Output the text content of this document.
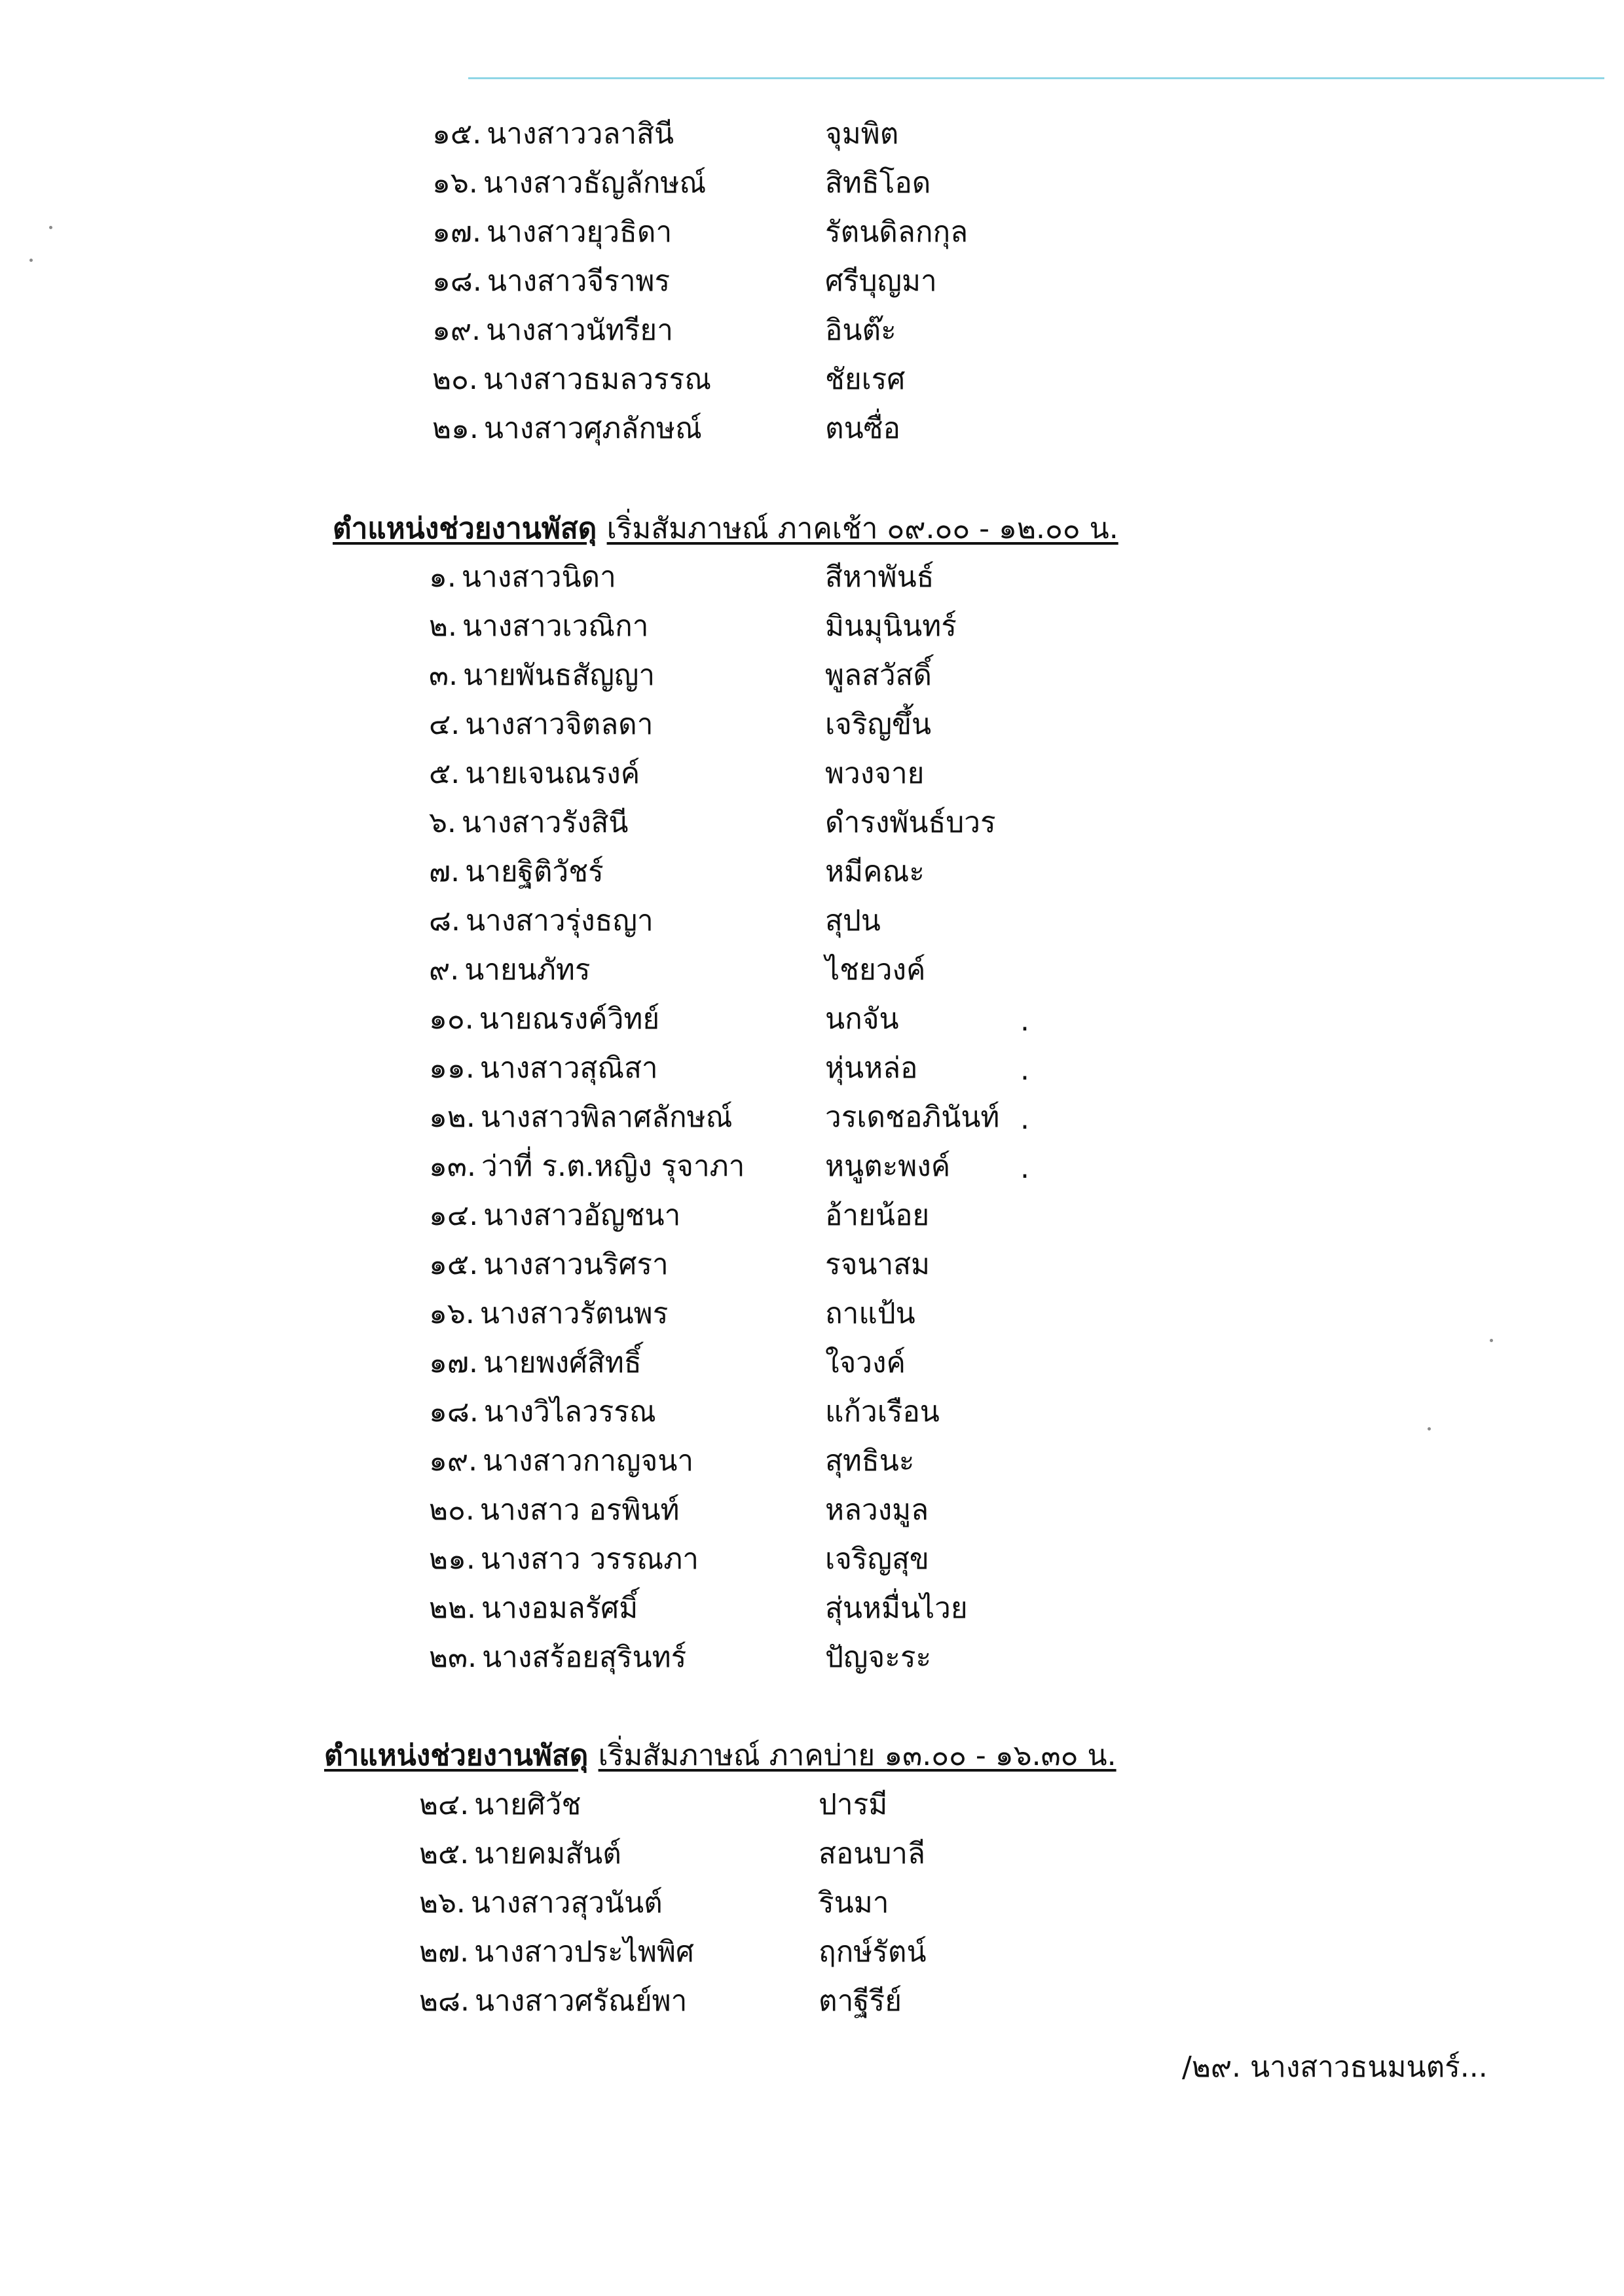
๑๕. นางสาววลาสินี	จุมพิต
๑๖. นางสาวธัญลักษณ์	สิทธิโอด
๑๗. นางสาวยุวธิดา	รัตนดิลกกุล
๑๘. นางสาวจีราพร	ศรีบุญมา
๑๙. นางสาวนัทรียา	อินต๊ะ
๒๐. นางสาวธมลวรรณ	ชัยเรศ
๒๑. นางสาวศุภลักษณ์	ตนซื่อ
ตำแหน่งช่วยงานพัสดุ เริ่มสัมภาษณ์ ภาคเช้า ๐๙.๐๐ - ๑๒.๐๐ น.
๑. นางสาวนิดา	สีหาพันธ์
๒. นางสาวเวณิกา	มินมุนินทร์
๓. นายพันธสัญญา	พูลสวัสดิ์
๔. นางสาวจิตลดา	เจริญขึ้น
๕. นายเจนณรงค์	พวงจาย
๖. นางสาวรังสินี	ดำรงพันธ์บวร
๗. นายฐิติวัชร์	หมีคณะ
๘. นางสาวรุ่งธญา	สุปน
๙. นายนภัทร	ไชยวงค์
๑๐. นายณรงค์วิทย์	นกจัน
๑๑. นางสาวสุณิสา	หุ่นหล่อ
๑๒. นางสาวพิลาศลักษณ์	วรเดชอภินันท์
๑๓. ว่าที่ ร.ต.หญิง รุจาภา	หนูตะพงค์
๑๔. นางสาวอัญชนา	อ้ายน้อย
๑๕. นางสาวนริศรา	รจนาสม
๑๖. นางสาวรัตนพร	ถาแป้น
๑๗. นายพงศ์สิทธิ์	ใจวงค์
๑๘. นางวิไลวรรณ	แก้วเรือน
๑๙. นางสาวกาญจนา	สุทธินะ
๒๐. นางสาว อรพินท์	หลวงมูล
๒๑. นางสาว วรรณภา	เจริญสุข
๒๒. นางอมลรัศมิ์	สุ่นหมื่นไวย
๒๓. นางสร้อยสุรินทร์	ปัญจะระ
.
.
.
.
ตำแหน่งช่วยงานพัสดุ เริ่มสัมภาษณ์ ภาคบ่าย ๑๓.๐๐ - ๑๖.๓๐ น.
๒๔. นายศิวัช	ปารมี
๒๕. นายคมสันต์	สอนบาลี
๒๖. นางสาวสุวนันต์	รินมา
๒๗. นางสาวประไพพิศ	ฤกษ์รัตน์
๒๘. นางสาวศรัณย์พา	ตาฐีรีย์
/๒๙. นางสาวธนมนตร์...
